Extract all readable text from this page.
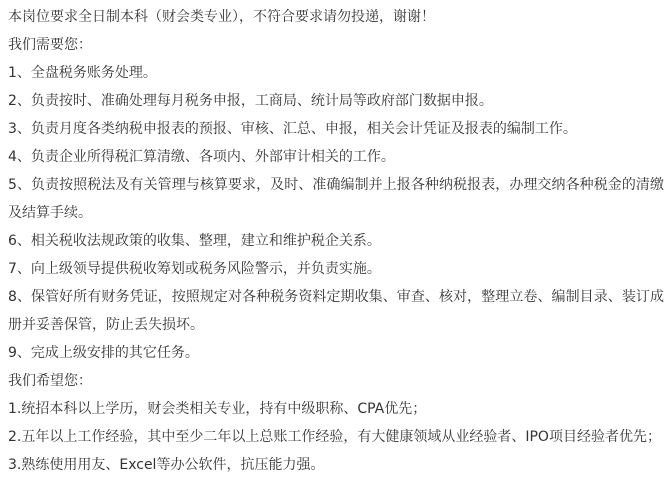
本岗位要求全日制本科（财会类专业），不符合要求请勿投递，谢谢！

我们需要您：

1、全盘税务账务处理。

2、负责按时、准确处理每月税务申报，工商局、统计局等政府部门数据申报。

3、负责月度各类纳税申报表的预报、审核、汇总、申报，相关会计凭证及报表的编制工作。

4、负责企业所得税汇算清缴、各项内、外部审计相关的工作。

5、负责按照税法及有关管理与核算要求，及时、准确编制并上报各种纳税报表，办理交纳各种税金的清缴及结算手续。

6、相关税收法规政策的收集、整理，建立和维护税企关系。

7、向上级领导提供税收筹划或税务风险警示，并负责实施。

8、保管好所有财务凭证，按照规定对各种税务资料定期收集、审查、核对，整理立卷、编制目录、装订成册并妥善保管，防止丢失损坏。

9、完成上级安排的其它任务。

我们希望您：

1.统招本科以上学历，财会类相关专业，持有中级职称、CPA优先；

2.五年以上工作经验，其中至少二年以上总账工作经验，有大健康领域从业经验者、IPO项目经验者优先；

3.熟练使用用友、Excel等办公软件，抗压能力强。
